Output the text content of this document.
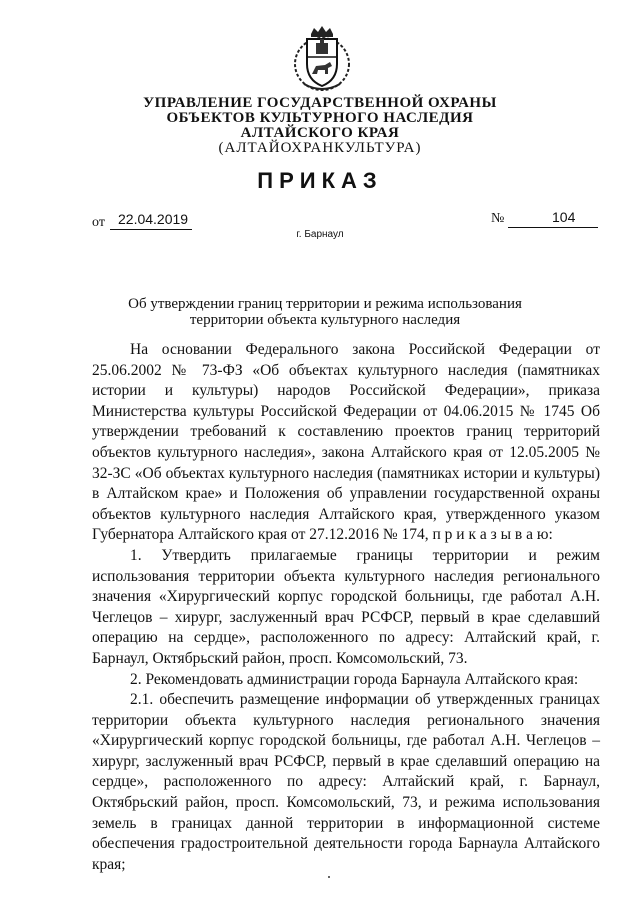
УПРАВЛЕНИЕ ГОСУДАРСТВЕННОЙ ОХРАНЫ
ОБЪЕКТОВ КУЛЬТУРНОГО НАСЛЕДИЯ
АЛТАЙСКОГО КРАЯ
(АЛТАЙОХРАНКУЛЬТУРА)
ПРИКАЗ
от 22.04.2019	№	104
г. Барнаул
Об утверждении границ территории и режима использования
территории объекта культурного наследия

На основании Федерального закона Российской Федерации от 25.06.2002 № 73-ФЗ «Об объектах культурного наследия (памятниках истории и культуры) народов Российской Федерации», приказа Министерства культуры Российской Федерации от 04.06.2015 № 1745 Об утверждении требований к составлению проектов границ территорий объектов культурного наследия», закона Алтайского края от 12.05.2005 № 32-ЗС «Об объектах культурного наследия (памятниках истории и культуры) в Алтайском крае» и Положения об управлении государственной охраны объектов культурного наследия Алтайского края, утвержденного указом Губернатора Алтайского края от 27.12.2016 № 174, п р и к а з ы в а ю:

1. Утвердить прилагаемые границы территории и режим использования территории объекта культурного наследия регионального значения «Хирургический корпус городской больницы, где работал А.Н. Чеглецов – хирург, заслуженный врач РСФСР, первый в крае сделавший операцию на сердце», расположенного по адресу: Алтайский край, г. Барнаул, Октябрьский район, просп. Комсомольский, 73.

2. Рекомендовать администрации города Барнаула Алтайского края:

2.1. обеспечить размещение информации об утвержденных границах территории объекта культурного наследия регионального значения «Хирургический корпус городской больницы, где работал А.Н. Чеглецов – хирург, заслуженный врач РСФСР, первый в крае сделавший операцию на сердце», расположенного по адресу: Алтайский край, г. Барнаул, Октябрьский район, просп. Комсомольский, 73, и режима использования земель в границах данной территории в информационной системе обеспечения градостроительной деятельности города Барнаула Алтайского края;
